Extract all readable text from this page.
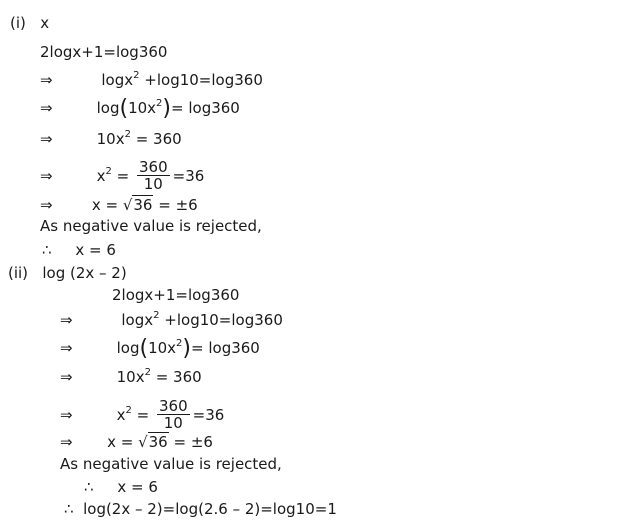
(i) x
2logx+1=log360
⇒	logx$^2$ +log10=log360
⇒	$\log(10x^2)= \log 360$
⇒	$10x^2 = 360$
⇒	$x^2 = \frac{360}{10} =36$
⇒	x = √36 = ±6
As negative value is rejected,
∴ x = 6
(ii) log (2x – 2)
2logx+1=log360
⇒	logx$^2$ +log10=log360
⇒	$\log(10x^2)= \log 360$
⇒	$10x^2 = 360$
⇒	$x^2 = \frac{360}{10} =36$
⇒ x = √36 = ±6
As negative value is rejected,
∴ x = 6
∴ log(2x – 2)=log(2.6 – 2)=log10=1
